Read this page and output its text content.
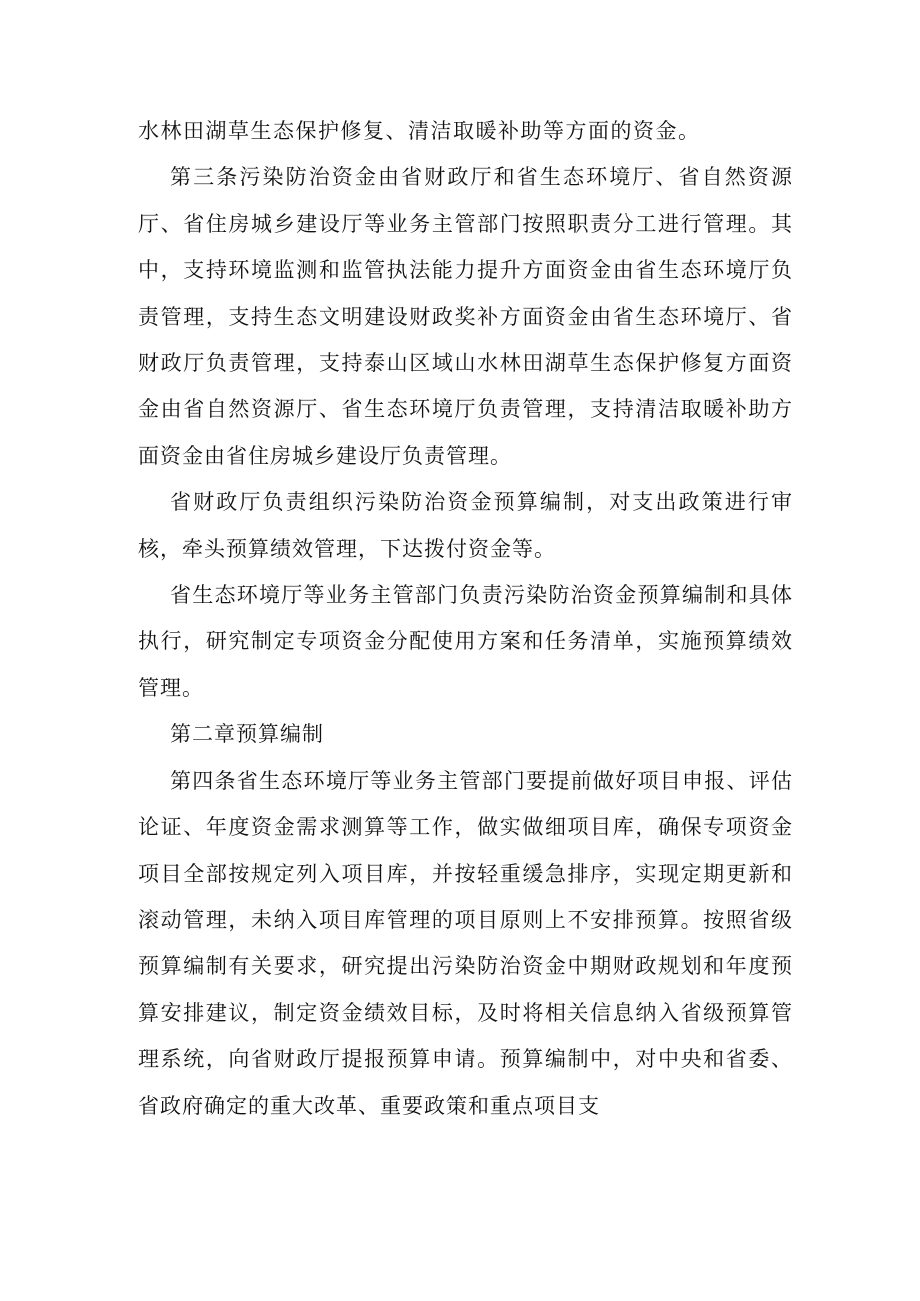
水林田湖草生态保护修复、清洁取暖补助等方面的资金。

第三条污染防治资金由省财政厅和省生态环境厅、省自然资源厅、省住房城乡建设厅等业务主管部门按照职责分工进行管理。其中，支持环境监测和监管执法能力提升方面资金由省生态环境厅负责管理，支持生态文明建设财政奖补方面资金由省生态环境厅、省财政厅负责管理，支持泰山区域山水林田湖草生态保护修复方面资金由省自然资源厅、省生态环境厅负责管理，支持清洁取暖补助方面资金由省住房城乡建设厅负责管理。

省财政厅负责组织污染防治资金预算编制，对支出政策进行审核，牵头预算绩效管理，下达拨付资金等。

省生态环境厅等业务主管部门负责污染防治资金预算编制和具体执行，研究制定专项资金分配使用方案和任务清单，实施预算绩效管理。

第二章预算编制

第四条省生态环境厅等业务主管部门要提前做好项目申报、评估论证、年度资金需求测算等工作，做实做细项目库，确保专项资金项目全部按规定列入项目库，并按轻重缓急排序，实现定期更新和滚动管理，未纳入项目库管理的项目原则上不安排预算。按照省级预算编制有关要求，研究提出污染防治资金中期财政规划和年度预算安排建议，制定资金绩效目标，及时将相关信息纳入省级预算管理系统，向省财政厅提报预算申请。预算编制中，对中央和省委、省政府确定的重大改革、重要政策和重点项目支
